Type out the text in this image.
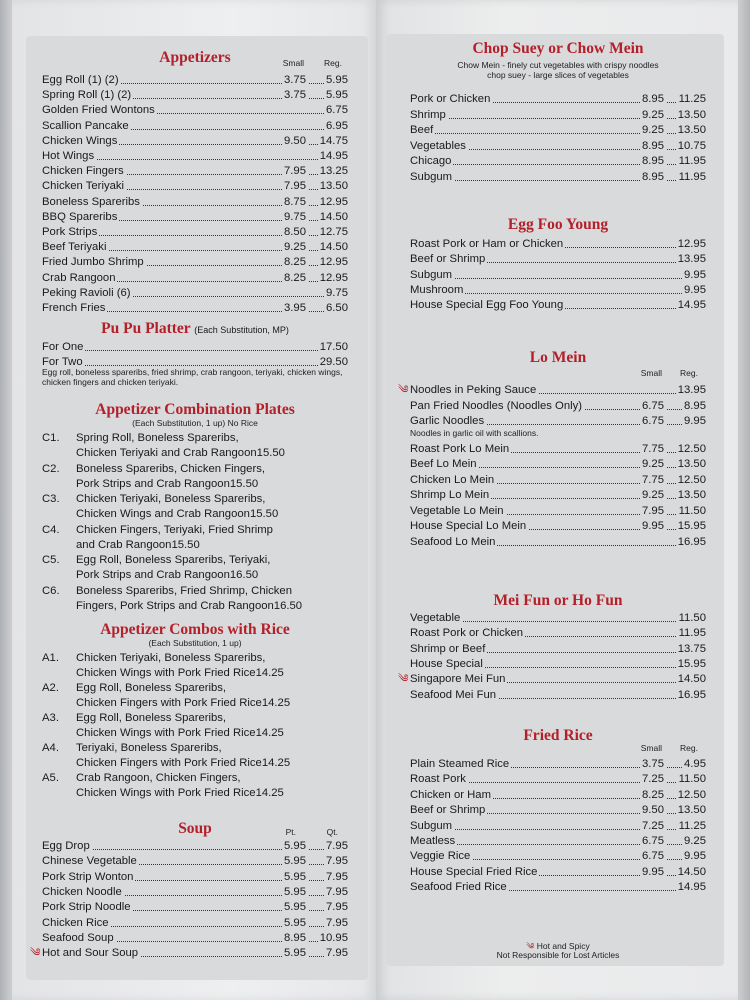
Appetizers	Small Reg.
Egg Roll (1) (2)	3.75 5.95
Spring Roll (1) (2)	3.75 5.95
Golden Fried Wontons	6.75
Scallion Pancake	6.95
Chicken Wings	9.50 14.75
Hot Wings	14.95
Chicken Fingers	7.95 13.25
Chicken Teriyaki	7.95 13.50
Boneless Spareribs	8.75 12.95
BBQ Spareribs	9.75 14.50
Pork Strips	8.50 12.75
Beef Teriyaki	9.25 14.50
Fried Jumbo Shrimp	8.25 12.95
Crab Rangoon	8.25 12.95
Peking Ravioli (6)	9.75
French Fries	3.95 6.50
Pu Pu Platter (Each Substitution, MP)
For One	17.50
For Two	29.50
Egg roll, boneless spareribs, fried shrimp, crab rangoon, teriyaki, chicken wings, chicken fingers and chicken teriyaki.
Appetizer Combination Plates
(Each Substitution, 1 up) No Rice
C1. Spring Roll, Boneless Spareribs,
Chicken Teriyaki and Crab Rangoon15.50
C2. Boneless Spareribs, Chicken Fingers,
Pork Strips and Crab Rangoon15.50
C3. Chicken Teriyaki, Boneless Spareribs,
Chicken Wings and Crab Rangoon15.50
C4. Chicken Fingers, Teriyaki, Fried Shrimp
and Crab Rangoon15.50
C5. Egg Roll, Boneless Spareribs, Teriyaki,
Pork Strips and Crab Rangoon16.50
C6. Boneless Spareribs, Fried Shrimp, Chicken
Fingers, Pork Strips and Crab Rangoon16.50
Appetizer Combos with Rice
(Each Substitution, 1 up)
A1. Chicken Teriyaki, Boneless Spareribs,
Chicken Wings with Pork Fried Rice14.25
A2. Egg Roll, Boneless Spareribs,
Chicken Fingers with Pork Fried Rice14.25
A3. Egg Roll, Boneless Spareribs,
Chicken Wings with Pork Fried Rice14.25
A4. Teriyaki, Boneless Spareribs,
Chicken Fingers with Pork Fried Rice14.25
A5. Crab Rangoon, Chicken Fingers,
Chicken Wings with Pork Fried Rice14.25
Soup	Pt.	Qt.
Egg Drop	5.95 7.95
Chinese Vegetable	5.95 7.95
Pork Strip Wonton	5.95 7.95
Chicken Noodle	5.95 7.95
Pork Strip Noodle	5.95 7.95
Chicken Rice	5.95 7.95
Seafood Soup	8.95 10.95
༄ Hot and Sour Soup	5.95 7.95
Chop Suey or Chow Mein
Chow Mein - finely cut vegetables with crispy noodles
chop suey - large slices of vegetables
Pork or Chicken	8.95 11.25
Shrimp	9.25 13.50
Beef	9.25 13.50
Vegetables	8.95 10.75
Chicago	8.95 11.95
Subgum	8.95 11.95
Egg Foo Young
Roast Pork or Ham or Chicken	12.95
Beef or Shrimp	13.95
Subgum	9.95
Mushroom	9.95
House Special Egg Foo Young	14.95
Lo Mein
Small Reg.
༄ Noodles in Peking Sauce	13.95
Pan Fried Noodles (Noodles Only)	6.75 8.95
Garlic Noodles	6.75 9.95
Noodles in garlic oil with scallions.
Roast Pork Lo Mein	7.75 12.50
Beef Lo Mein	9.25 13.50
Chicken Lo Mein	7.75 12.50
Shrimp Lo Mein	9.25 13.50
Vegetable Lo Mein	7.95 11.50
House Special Lo Mein	9.95 15.95
Seafood Lo Mein	16.95
Mei Fun or Ho Fun
Vegetable	11.50
Roast Pork or Chicken	11.95
Shrimp or Beef	13.75
House Special	15.95
༄ Singapore Mei Fun	14.50
Seafood Mei Fun	16.95
Fried Rice
Small Reg.
Plain Steamed Rice	3.75 4.95
Roast Pork	7.25 11.50
Chicken or Ham	8.25 12.50
Beef or Shrimp	9.50 13.50
Subgum	7.25 11.25
Meatless	6.75 9.25
Veggie Rice	6.75 9.95
House Special Fried Rice	9.95 14.50
Seafood Fried Rice	14.95
༄ Hot and Spicy
Not Responsible for Lost Articles
